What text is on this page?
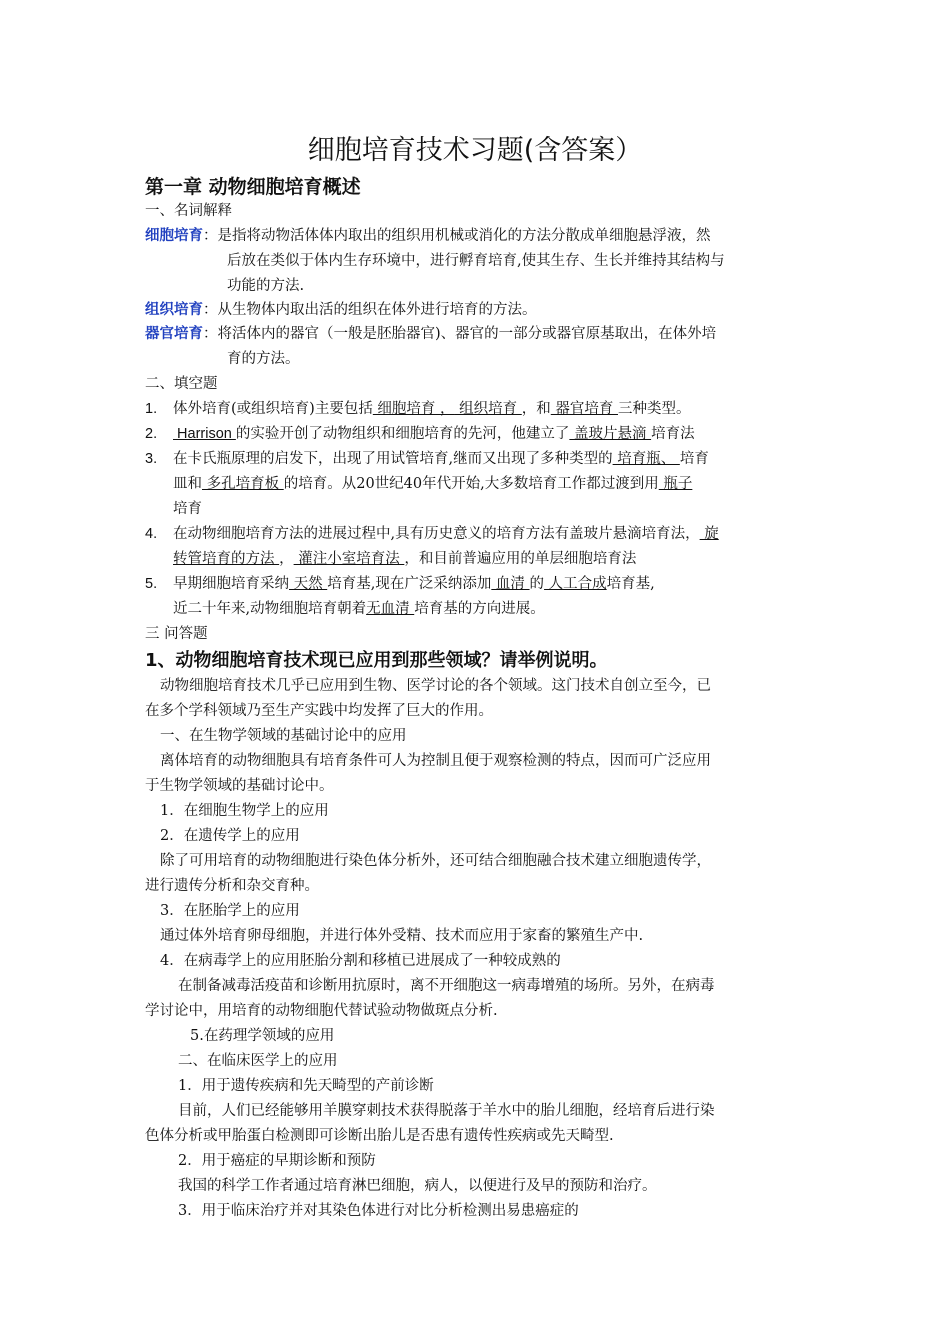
细胞培育技术习题(含答案）
第一章 动物细胞培育概述
一、名词解释
细胞培育：是指将动物活体体内取出的组织用机械或消化的方法分散成单细胞悬浮液，然
后放在类似于体内生存环境中，进行孵育培育,使其生存、生长并维持其结构与
功能的方法.
组织培育：从生物体内取出活的组织在体外进行培育的方法。
器官培育：将活体内的器官（一般是胚胎器官)、器官的一部分或器官原基取出，在体外培
育的方法。
二、填空题
1. 体外培育(或组织培育)主要包括 细胞培育 ， 组织培育 ，和 器官培育 三种类型。
2. Harrison 的实验开创了动物组织和细胞培育的先河，他建立了 盖玻片悬滴 培育法
3. 在卡氏瓶原理的启发下，出现了用试管培育,继而又出现了多种类型的 培育瓶、 培育
皿和 多孔培育板 的培育。从20世纪40年代开始,大多数培育工作都过渡到用 瓶子
培育
4. 在动物细胞培育方法的进展过程中,具有历史意义的培育方法有盖玻片悬滴培育法， 旋
转管培育的方法 ， 灌注小室培育法 ，和目前普遍应用的单层细胞培育法
5. 早期细胞培育采纳 天然 培育基,现在广泛采纳添加 血清 的 人工合成培育基,
近二十年来,动物细胞培育朝着无血清 培育基的方向进展。
三 问答题
1、动物细胞培育技术现已应用到那些领域？请举例说明。
动物细胞培育技术几乎已应用到生物、医学讨论的各个领域。这门技术自创立至今，已
在多个学科领域乃至生产实践中均发挥了巨大的作用。
一、在生物学领域的基础讨论中的应用
离体培育的动物细胞具有培育条件可人为控制且便于观察检测的特点，因而可广泛应用
于生物学领域的基础讨论中。
1．在细胞生物学上的应用
2．在遗传学上的应用
除了可用培育的动物细胞进行染色体分析外，还可结合细胞融合技术建立细胞遗传学，
进行遗传分析和杂交育种。
3．在胚胎学上的应用
通过体外培育卵母细胞，并进行体外受精、技术而应用于家畜的繁殖生产中.
4．在病毒学上的应用胚胎分割和移植已进展成了一种较成熟的
在制备减毒活疫苗和诊断用抗原时，离不开细胞这一病毒增殖的场所。另外，在病毒
学讨论中，用培育的动物细胞代替试验动物做斑点分析.
5.在药理学领域的应用
二、在临床医学上的应用
1．用于遗传疾病和先天畸型的产前诊断
目前，人们已经能够用羊膜穿刺技术获得脱落于羊水中的胎儿细胞，经培育后进行染
色体分析或甲胎蛋白检测即可诊断出胎儿是否患有遗传性疾病或先天畸型.
2．用于癌症的早期诊断和预防
我国的科学工作者通过培育淋巴细胞，病人，以便进行及早的预防和治疗。
3．用于临床治疗并对其染色体进行对比分析检测出易患癌症的
